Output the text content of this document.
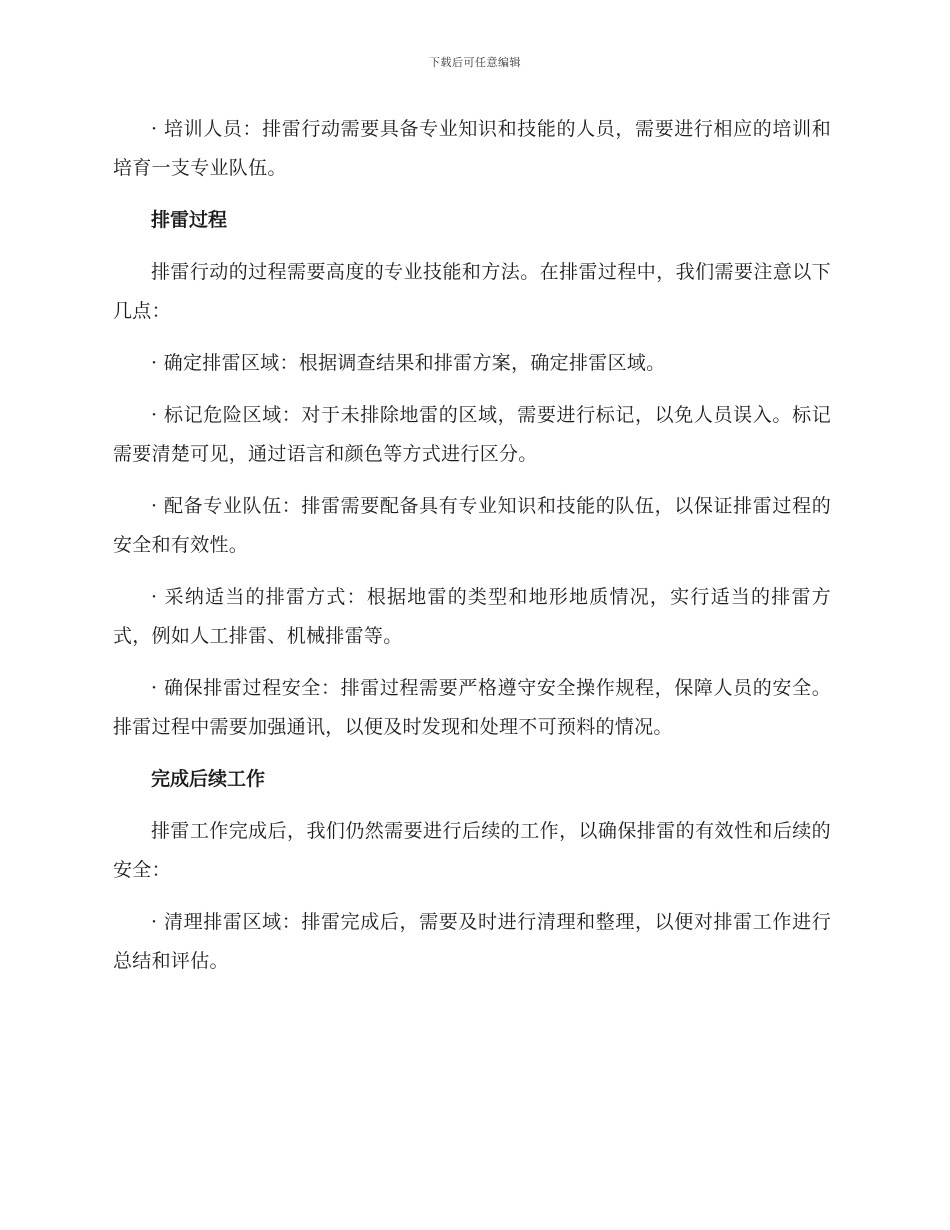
下载后可任意编辑

· 培训人员：排雷行动需要具备专业知识和技能的人员，需要进行相应的培训和培育一支专业队伍。

排雷过程

排雷行动的过程需要高度的专业技能和方法。在排雷过程中，我们需要注意以下几点：

· 确定排雷区域：根据调查结果和排雷方案，确定排雷区域。

· 标记危险区域：对于未排除地雷的区域，需要进行标记，以免人员误入。标记需要清楚可见，通过语言和颜色等方式进行区分。

· 配备专业队伍：排雷需要配备具有专业知识和技能的队伍，以保证排雷过程的安全和有效性。

· 采纳适当的排雷方式：根据地雷的类型和地形地质情况，实行适当的排雷方式，例如人工排雷、机械排雷等。

· 确保排雷过程安全：排雷过程需要严格遵守安全操作规程，保障人员的安全。排雷过程中需要加强通讯，以便及时发现和处理不可预料的情况。

完成后续工作

排雷工作完成后，我们仍然需要进行后续的工作，以确保排雷的有效性和后续的安全：

· 清理排雷区域：排雷完成后，需要及时进行清理和整理，以便对排雷工作进行总结和评估。
